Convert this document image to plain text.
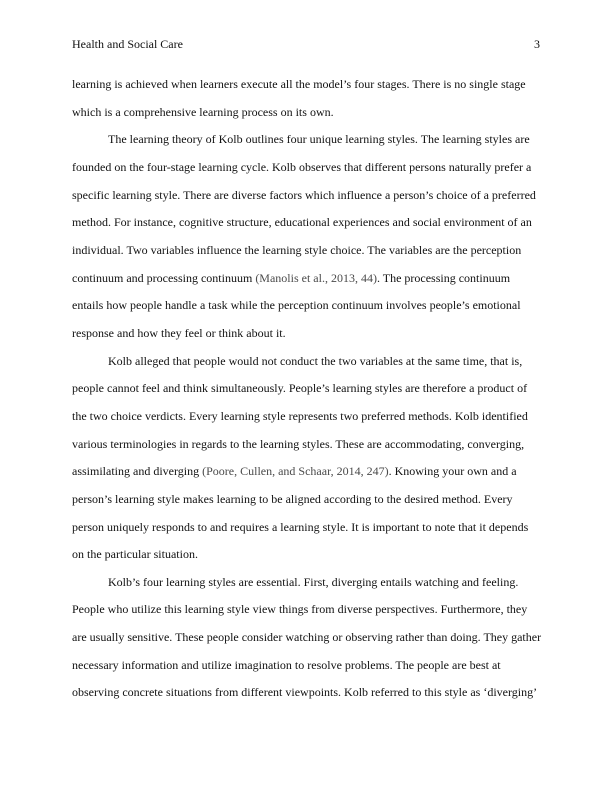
Health and Social Care	3

learning is achieved when learners execute all the model’s four stages. There is no single stage which is a comprehensive learning process on its own.

The learning theory of Kolb outlines four unique learning styles. The learning styles are founded on the four-stage learning cycle. Kolb observes that different persons naturally prefer a specific learning style. There are diverse factors which influence a person’s choice of a preferred method. For instance, cognitive structure, educational experiences and social environment of an individual. Two variables influence the learning style choice. The variables are the perception continuum and processing continuum (Manolis et al., 2013, 44). The processing continuum entails how people handle a task while the perception continuum involves people’s emotional response and how they feel or think about it.

Kolb alleged that people would not conduct the two variables at the same time, that is, people cannot feel and think simultaneously. People’s learning styles are therefore a product of the two choice verdicts. Every learning style represents two preferred methods. Kolb identified various terminologies in regards to the learning styles. These are accommodating, converging, assimilating and diverging (Poore, Cullen, and Schaar, 2014, 247). Knowing your own and a person’s learning style makes learning to be aligned according to the desired method. Every person uniquely responds to and requires a learning style. It is important to note that it depends on the particular situation.

Kolb’s four learning styles are essential. First, diverging entails watching and feeling. People who utilize this learning style view things from diverse perspectives. Furthermore, they are usually sensitive. These people consider watching or observing rather than doing. They gather necessary information and utilize imagination to resolve problems. The people are best at observing concrete situations from different viewpoints. Kolb referred to this style as ‘diverging’
